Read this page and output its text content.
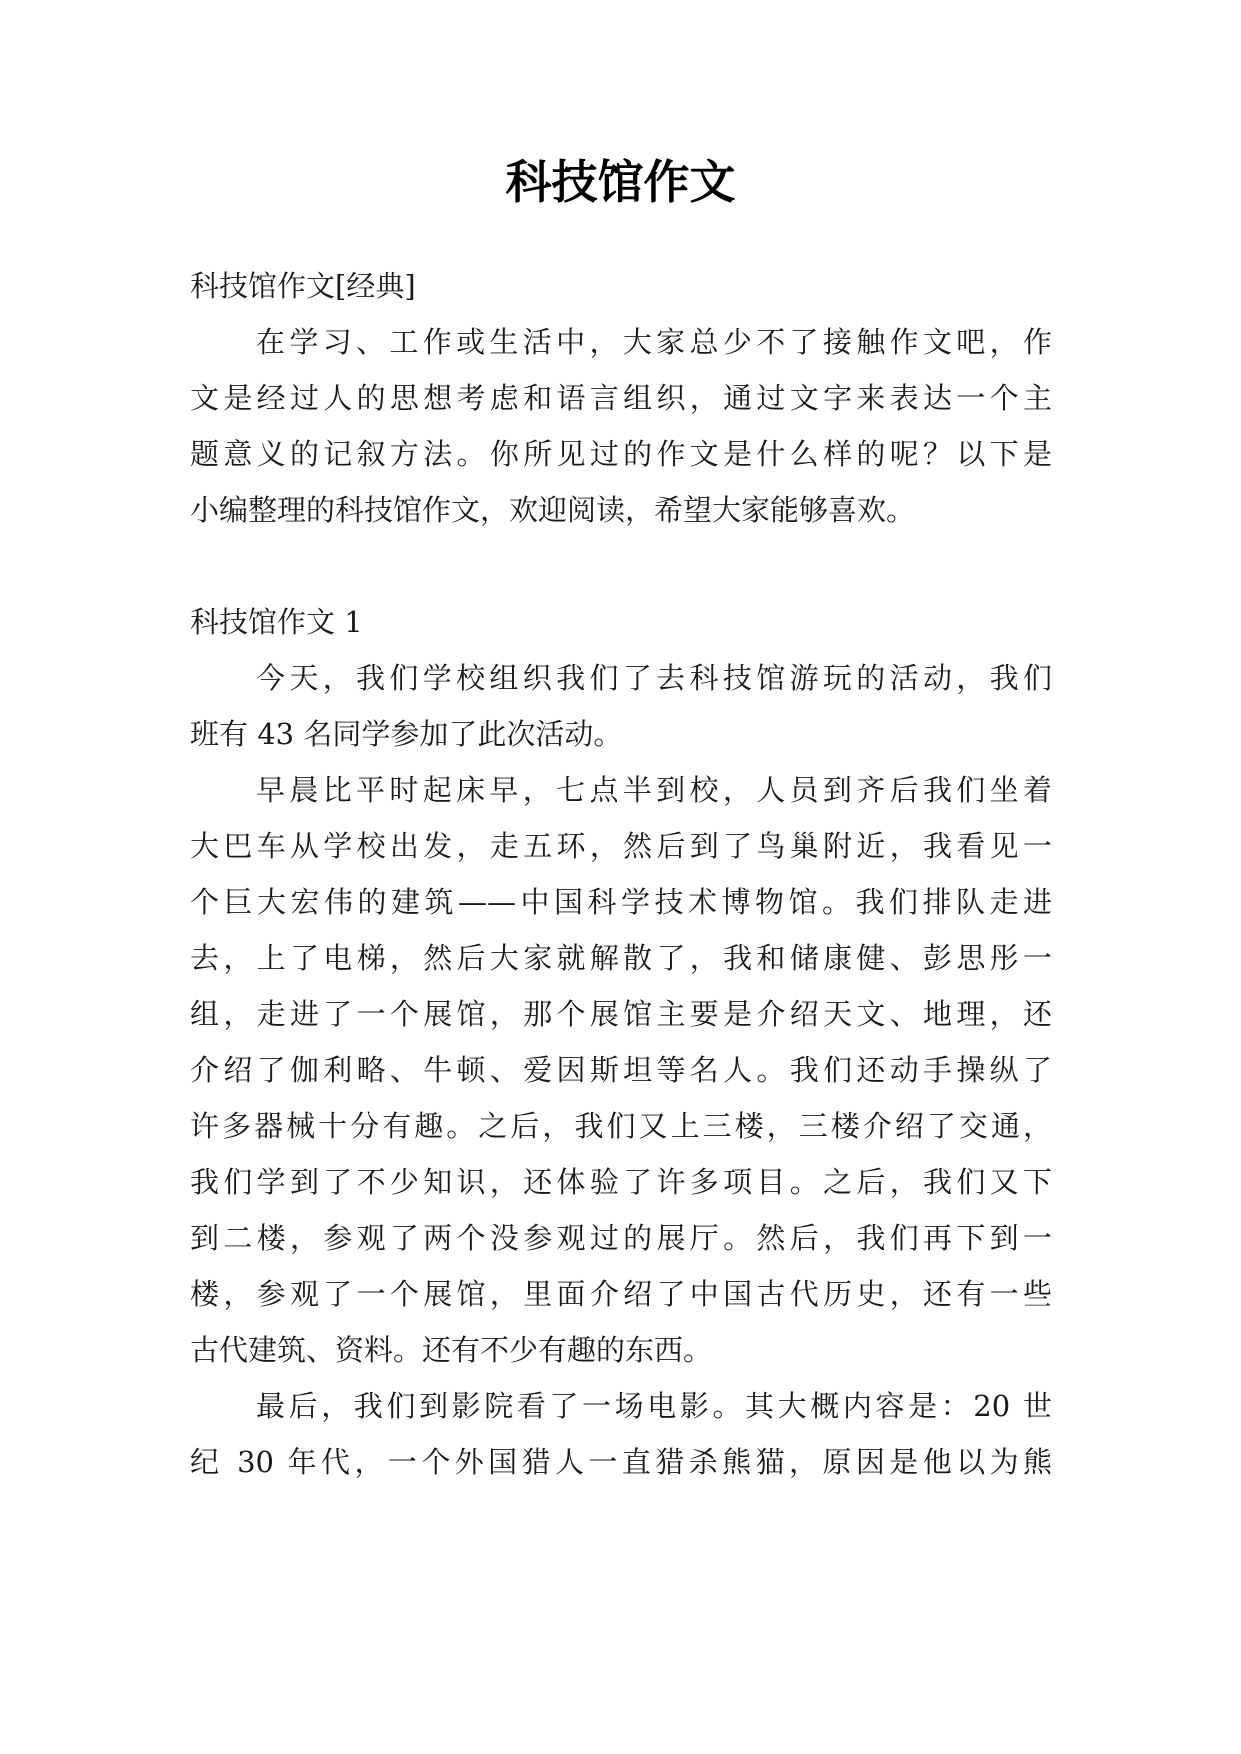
科技馆作文

科技馆作文[经典]

在学习、工作或生活中，大家总少不了接触作文吧，作

文是经过人的思想考虑和语言组织，通过文字来表达一个主

题意义的记叙方法。你所见过的作文是什么样的呢？以下是

小编整理的科技馆作文，欢迎阅读，希望大家能够喜欢。

科技馆作文 1

今天，我们学校组织我们了去科技馆游玩的活动，我们

班有 43 名同学参加了此次活动。

早晨比平时起床早，七点半到校，人员到齐后我们坐着

大巴车从学校出发，走五环，然后到了鸟巢附近，我看见一

个巨大宏伟的建筑——中国科学技术博物馆。我们排队走进

去，上了电梯，然后大家就解散了，我和储康健、彭思彤一

组，走进了一个展馆，那个展馆主要是介绍天文、地理，还

介绍了伽利略、牛顿、爱因斯坦等名人。我们还动手操纵了

许多器械十分有趣。之后，我们又上三楼，三楼介绍了交通，

我们学到了不少知识，还体验了许多项目。之后，我们又下

到二楼，参观了两个没参观过的展厅。然后，我们再下到一

楼，参观了一个展馆，里面介绍了中国古代历史，还有一些

古代建筑、资料。还有不少有趣的东西。

最后，我们到影院看了一场电影。其大概内容是：20 世

纪 30 年代，一个外国猎人一直猎杀熊猫，原因是他以为熊
